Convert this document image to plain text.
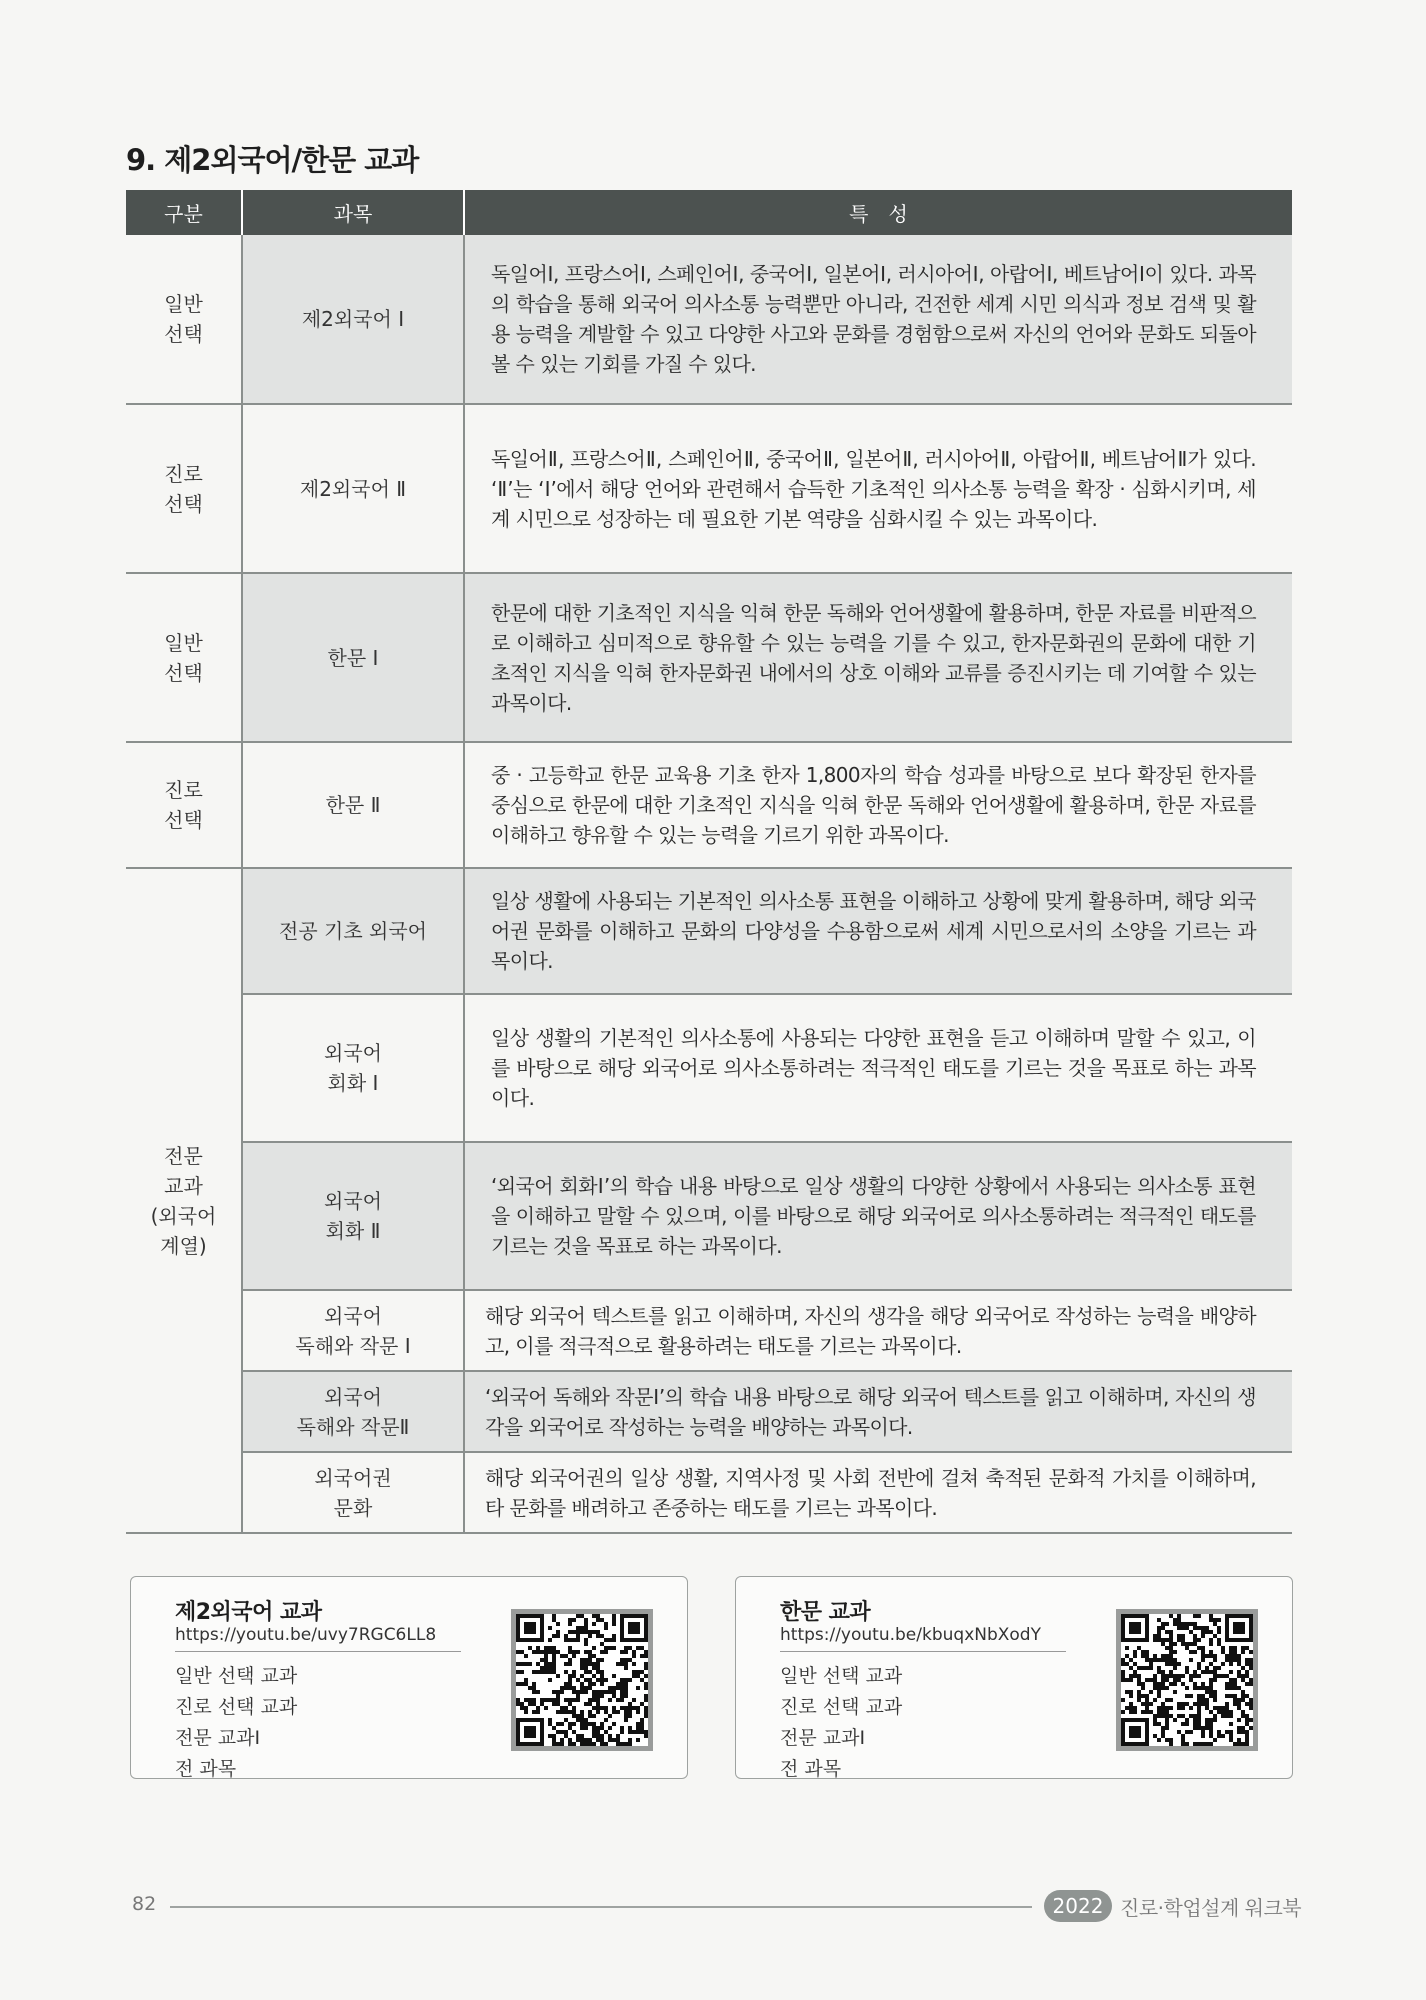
9. 제2외국어/한문 교과
구분	과목	특　성
일반
선택	제2외국어 Ⅰ	독일어Ⅰ, 프랑스어Ⅰ, 스페인어Ⅰ, 중국어Ⅰ, 일본어Ⅰ, 러시아어Ⅰ, 아랍어Ⅰ, 베트남어Ⅰ이 있다. 과목의 학습을 통해 외국어 의사소통 능력뿐만 아니라, 건전한 세계 시민 의식과 정보 검색 및 활용 능력을 계발할 수 있고 다양한 사고와 문화를 경험함으로써 자신의 언어와 문화도 되돌아볼 수 있는 기회를 가질 수 있다.
진로
선택	제2외국어 Ⅱ	독일어Ⅱ, 프랑스어Ⅱ, 스페인어Ⅱ, 중국어Ⅱ, 일본어Ⅱ, 러시아어Ⅱ, 아랍어Ⅱ, 베트남어Ⅱ가 있다. ‘Ⅱ’는 ‘Ⅰ’에서 해당 언어와 관련해서 습득한 기초적인 의사소통 능력을 확장 · 심화시키며, 세계 시민으로 성장하는 데 필요한 기본 역량을 심화시킬 수 있는 과목이다.
일반
선택	한문 Ⅰ	한문에 대한 기초적인 지식을 익혀 한문 독해와 언어생활에 활용하며, 한문 자료를 비판적으로 이해하고 심미적으로 향유할 수 있는 능력을 기를 수 있고, 한자문화권의 문화에 대한 기초적인 지식을 익혀 한자문화권 내에서의 상호 이해와 교류를 증진시키는 데 기여할 수 있는 과목이다.
진로
선택	한문 Ⅱ	중 · 고등학교 한문 교육용 기초 한자 1,800자의 학습 성과를 바탕으로 보다 확장된 한자를 중심으로 한문에 대한 기초적인 지식을 익혀 한문 독해와 언어생활에 활용하며, 한문 자료를 이해하고 향유할 수 있는 능력을 기르기 위한 과목이다.
전문
교과
(외국어
계열)	전공 기초 외국어	일상 생활에 사용되는 기본적인 의사소통 표현을 이해하고 상황에 맞게 활용하며, 해당 외국어권 문화를 이해하고 문화의 다양성을 수용함으로써 세계 시민으로서의 소양을 기르는 과목이다.
	외국어
회화 Ⅰ	일상 생활의 기본적인 의사소통에 사용되는 다양한 표현을 듣고 이해하며 말할 수 있고, 이를 바탕으로 해당 외국어로 의사소통하려는 적극적인 태도를 기르는 것을 목표로 하는 과목이다.
	외국어
회화 Ⅱ	‘외국어 회화Ⅰ’의 학습 내용 바탕으로 일상 생활의 다양한 상황에서 사용되는 의사소통 표현을 이해하고 말할 수 있으며, 이를 바탕으로 해당 외국어로 의사소통하려는 적극적인 태도를 기르는 것을 목표로 하는 과목이다.
	외국어
독해와 작문 Ⅰ	해당 외국어 텍스트를 읽고 이해하며, 자신의 생각을 해당 외국어로 작성하는 능력을 배양하고, 이를 적극적으로 활용하려는 태도를 기르는 과목이다.
	외국어
독해와 작문Ⅱ	‘외국어 독해와 작문Ⅰ’의 학습 내용 바탕으로 해당 외국어 텍스트를 읽고 이해하며, 자신의 생각을 외국어로 작성하는 능력을 배양하는 과목이다.
	외국어권
문화	해당 외국어권의 일상 생활, 지역사정 및 사회 전반에 걸쳐 축적된 문화적 가치를 이해하며, 타 문화를 배려하고 존중하는 태도를 기르는 과목이다.
제2외국어 교과
https://youtu.be/uvy7RGC6LL8
일반 선택 교과
진로 선택 교과
전문 교과Ⅰ
전 과목
한문 교과
https://youtu.be/kbuqxNbXodY
일반 선택 교과
진로 선택 교과
전문 교과Ⅰ
전 과목
82	2022 진로·학업설계 워크북
